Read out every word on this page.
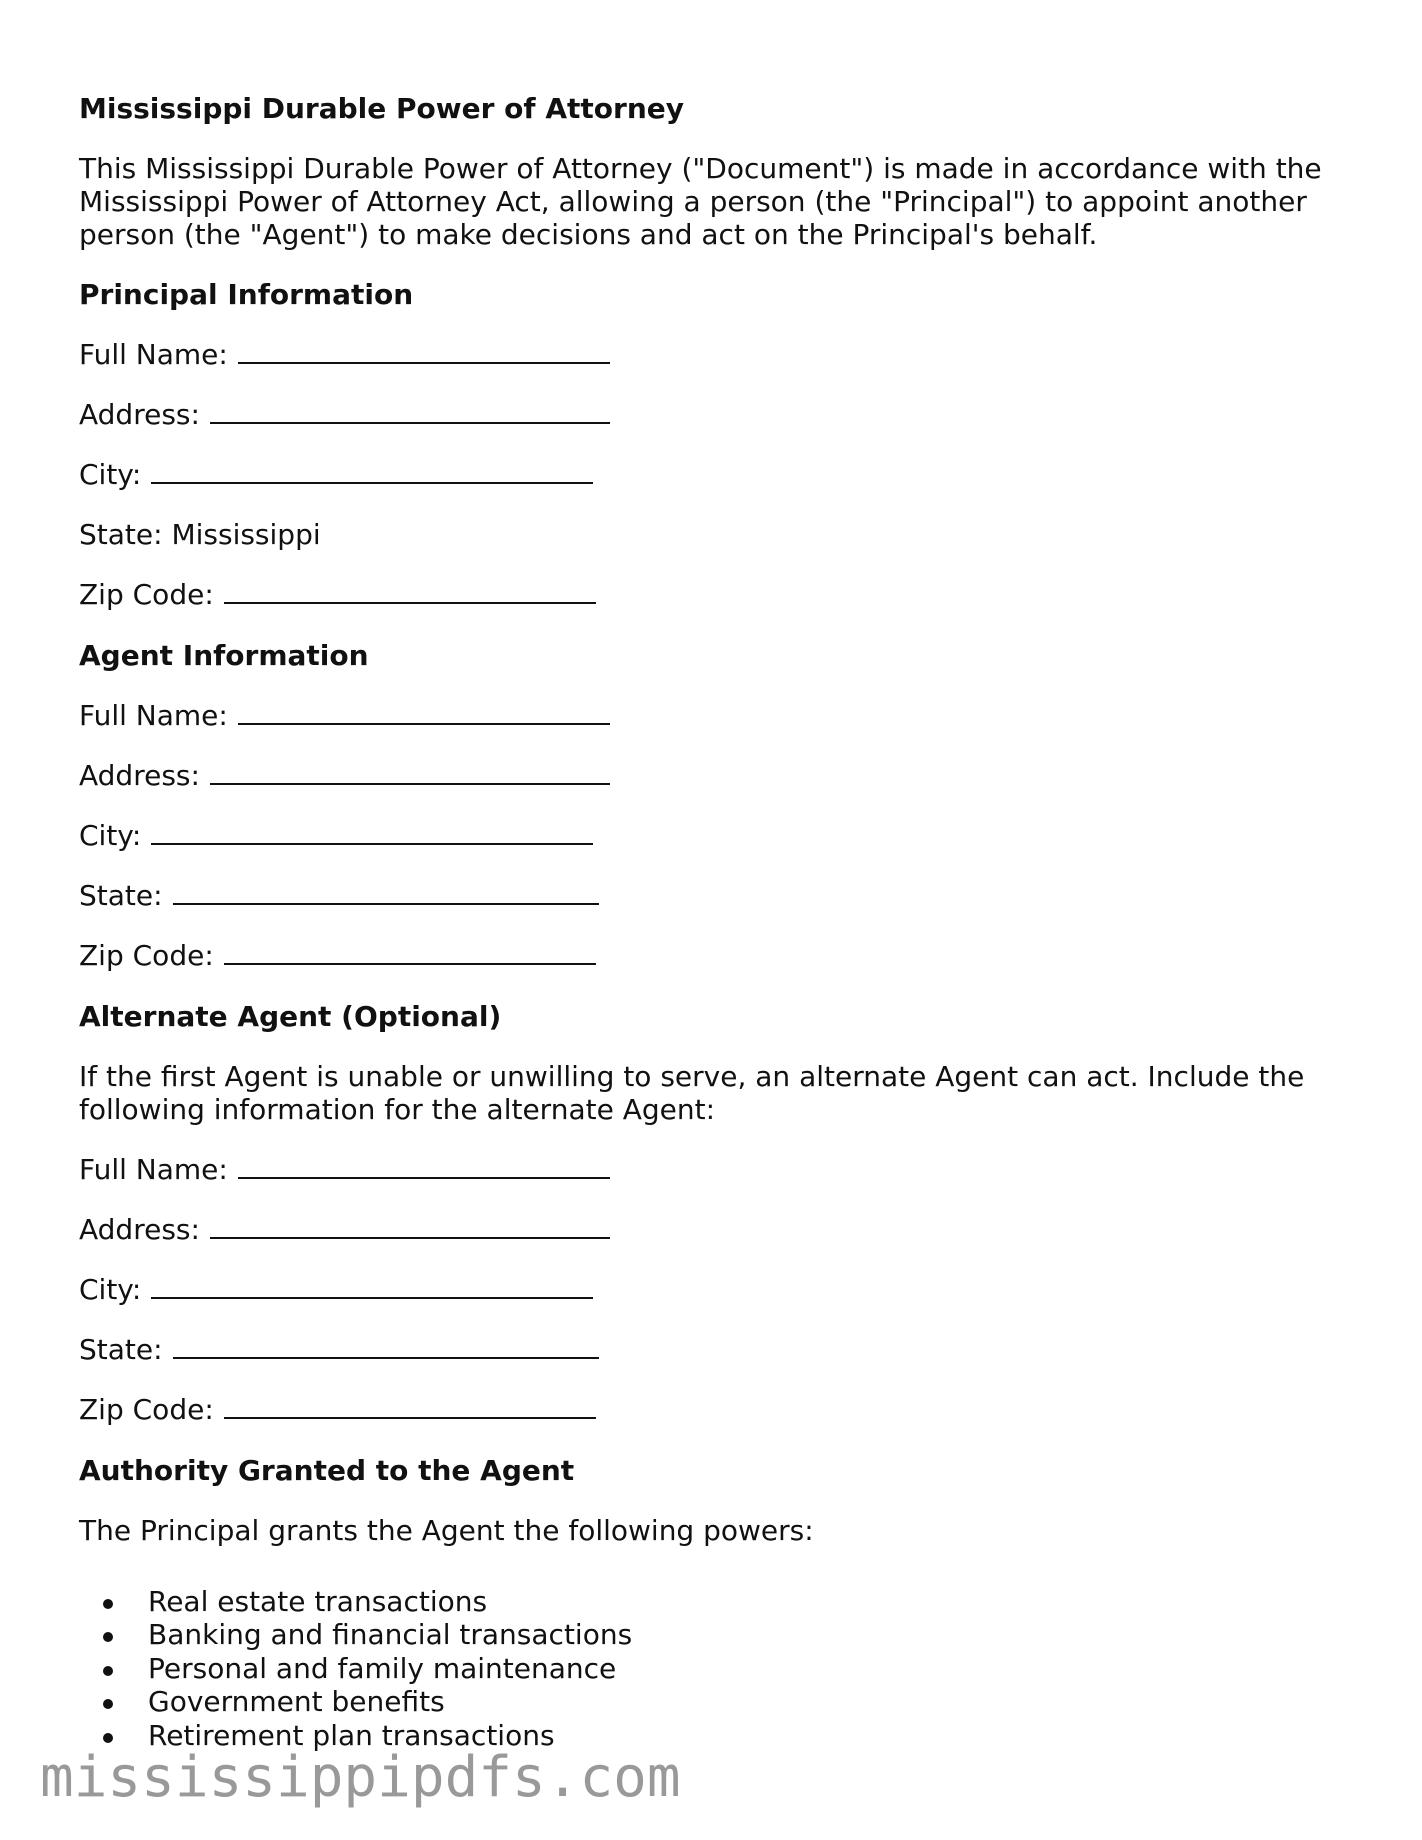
Mississippi Durable Power of Attorney
This Mississippi Durable Power of Attorney ("Document") is made in accordance with the Mississippi Power of Attorney Act, allowing a person (the "Principal") to appoint another person (the "Agent") to make decisions and act on the Principal's behalf.
Principal Information
Full Name:
Address:
City:
State: Mississippi
Zip Code:
Agent Information
Full Name:
Address:
City:
State:
Zip Code:
Alternate Agent (Optional)
If the first Agent is unable or unwilling to serve, an alternate Agent can act. Include the following information for the alternate Agent:
Full Name:
Address:
City:
State:
Zip Code:
Authority Granted to the Agent
The Principal grants the Agent the following powers:
Real estate transactions
Banking and financial transactions
Personal and family maintenance
Government benefits
Retirement plan transactions
mississippipdfs.com
